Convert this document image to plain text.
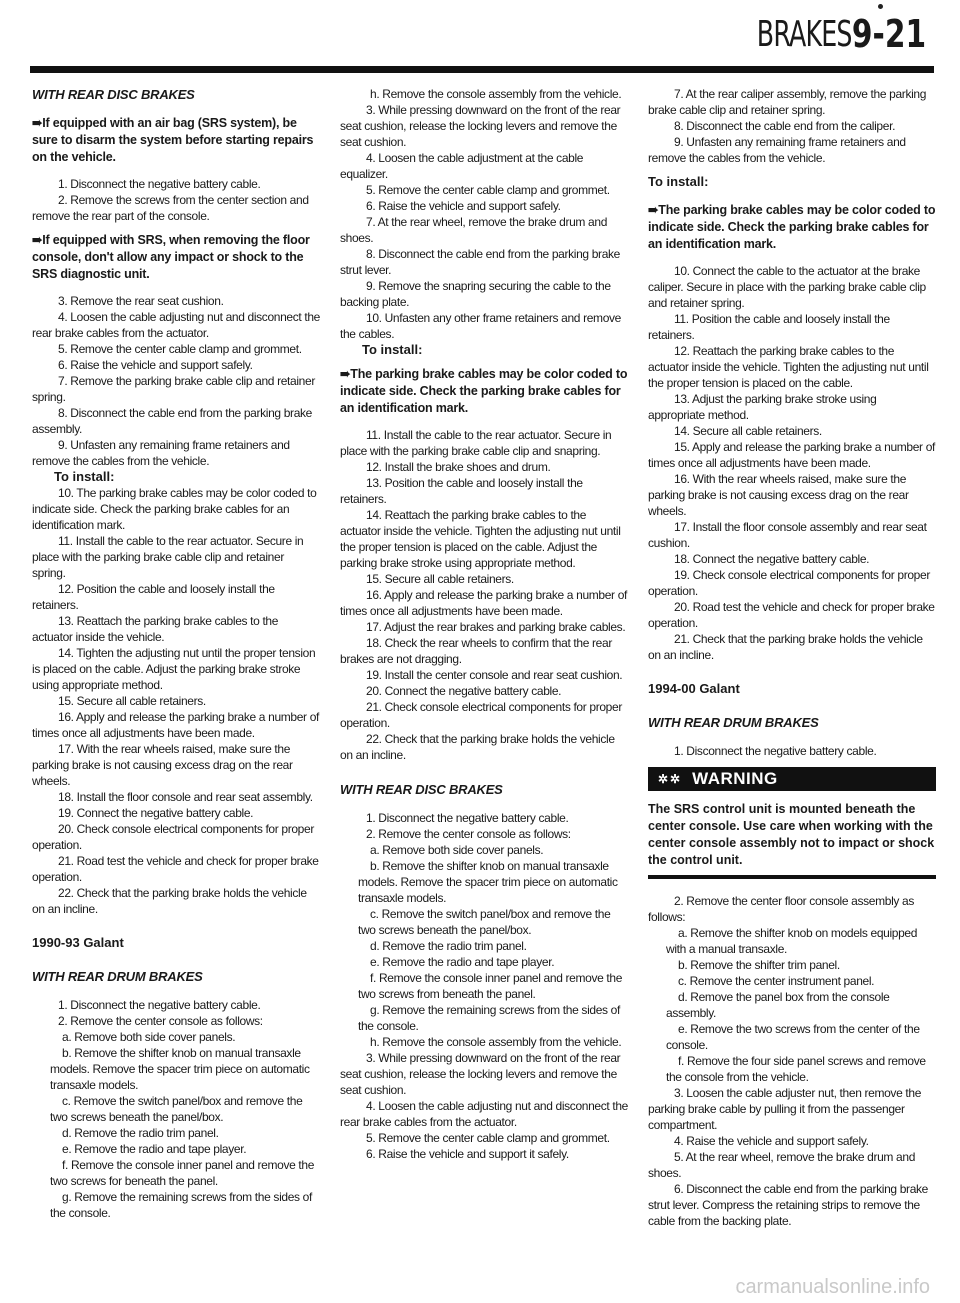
BRAKES 9-21
WITH REAR DISC BRAKES
➠If equipped with an air bag (SRS system), be sure to disarm the system before starting repairs on the vehicle.

1. Disconnect the negative battery cable.

2. Remove the screws from the center section and remove the rear part of the console.

➠If equipped with SRS, when removing the floor console, don't allow any impact or shock to the SRS diagnostic unit.

3. Remove the rear seat cushion.

4. Loosen the cable adjusting nut and disconnect the rear brake cables from the actuator.

5. Remove the center cable clamp and grommet.

6. Raise the vehicle and support safely.

7. Remove the parking brake cable clip and retainer spring.

8. Disconnect the cable end from the parking brake assembly.

9. Unfasten any remaining frame retainers and remove the cables from the vehicle.

To install:

10. The parking brake cables may be color coded to indicate side. Check the parking brake cables for an identification mark.

11. Install the cable to the rear actuator. Secure in place with the parking brake cable clip and retainer spring.

12. Position the cable and loosely install the retainers.

13. Reattach the parking brake cables to the actuator inside the vehicle.

14. Tighten the adjusting nut until the proper tension is placed on the cable. Adjust the parking brake stroke using appropriate method.

15. Secure all cable retainers.

16. Apply and release the parking brake a number of times once all adjustments have been made.

17. With the rear wheels raised, make sure the parking brake is not causing excess drag on the rear wheels.

18. Install the floor console and rear seat assembly.

19. Connect the negative battery cable.

20. Check console electrical components for proper operation.

21. Road test the vehicle and check for proper brake operation.

22. Check that the parking brake holds the vehicle on an incline.

1990-93 Galant
WITH REAR DRUM BRAKES

1. Disconnect the negative battery cable.

2. Remove the center console as follows:

a. Remove both side cover panels.

b. Remove the shifter knob on manual transaxle models. Remove the spacer trim piece on automatic transaxle models.

c. Remove the switch panel/box and remove the two screws beneath the panel/box.

d. Remove the radio trim panel.

e. Remove the radio and tape player.

f. Remove the console inner panel and remove the two screws for beneath the panel.

g. Remove the remaining screws from the sides of the console.

h. Remove the console assembly from the vehicle.

3. While pressing downward on the front of the rear seat cushion, release the locking levers and remove the seat cushion.

4. Loosen the cable adjustment at the cable equalizer.

5. Remove the center cable clamp and grommet.

6. Raise the vehicle and support safely.

7. At the rear wheel, remove the brake drum and shoes.

8. Disconnect the cable end from the parking brake strut lever.

9. Remove the snapring securing the cable to the backing plate.

10. Unfasten any other frame retainers and remove the cables.

To install:
➠The parking brake cables may be color coded to indicate side. Check the parking brake cables for an identification mark.

11. Install the cable to the rear actuator. Secure in place with the parking brake cable clip and snapring.

12. Install the brake shoes and drum.

13. Position the cable and loosely install the retainers.

14. Reattach the parking brake cables to the actuator inside the vehicle. Tighten the adjusting nut until the proper tension is placed on the cable. Adjust the parking brake stroke using appropriate method.

15. Secure all cable retainers.

16. Apply and release the parking brake a number of times once all adjustments have been made.

17. Adjust the rear brakes and parking brake cables.

18. Check the rear wheels to confirm that the rear brakes are not dragging.

19. Install the center console and rear seat cushion.

20. Connect the negative battery cable.

21. Check console electrical components for proper operation.

22. Check that the parking brake holds the vehicle on an incline.

WITH REAR DISC BRAKES

1. Disconnect the negative battery cable.

2. Remove the center console as follows:

a. Remove both side cover panels.

b. Remove the shifter knob on manual transaxle models. Remove the spacer trim piece on automatic transaxle models.

c. Remove the switch panel/box and remove the two screws beneath the panel/box.

d. Remove the radio trim panel.

e. Remove the radio and tape player.

f. Remove the console inner panel and remove the two screws from beneath the panel.

g. Remove the remaining screws from the sides of the console.

h. Remove the console assembly from the vehicle.

3. While pressing downward on the front of the rear seat cushion, release the locking levers and remove the seat cushion.

4. Loosen the cable adjusting nut and disconnect the rear brake cables from the actuator.

5. Remove the center cable clamp and grommet.

6. Raise the vehicle and support it safely.

7. At the rear caliper assembly, remove the parking brake cable clip and retainer spring.

8. Disconnect the cable end from the caliper.

9. Unfasten any remaining frame retainers and remove the cables from the vehicle.

To install:
➠The parking brake cables may be color coded to indicate side. Check the parking brake cables for an identification mark.

10. Connect the cable to the actuator at the brake caliper. Secure in place with the parking brake cable clip and retainer spring.

11. Position the cable and loosely install the retainers.

12. Reattach the parking brake cables to the actuator inside the vehicle. Tighten the adjusting nut until the proper tension is placed on the cable.

13. Adjust the parking brake stroke using appropriate method.

14. Secure all cable retainers.

15. Apply and release the parking brake a number of times once all adjustments have been made.

16. With the rear wheels raised, make sure the parking brake is not causing excess drag on the rear wheels.

17. Install the floor console assembly and rear seat cushion.

18. Connect the negative battery cable.

19. Check console electrical components for proper operation.

20. Road test the vehicle and check for proper brake operation.

21. Check that the parking brake holds the vehicle on an incline.

1994-00 Galant
WITH REAR DRUM BRAKES

1. Disconnect the negative battery cable.

✲✲ WARNING
The SRS control unit is mounted beneath the center console. Use care when working with the center console assembly not to impact or shock the control unit.

2. Remove the center floor console assembly as follows:

a. Remove the shifter knob on models equipped with a manual transaxle.

b. Remove the shifter trim panel.

c. Remove the center instrument panel.

d. Remove the panel box from the console assembly.

e. Remove the two screws from the center of the console.

f. Remove the four side panel screws and remove the console from the vehicle.

3. Loosen the cable adjuster nut, then remove the parking brake cable by pulling it from the passenger compartment.

4. Raise the vehicle and support safely.

5. At the rear wheel, remove the brake drum and shoes.

6. Disconnect the cable end from the parking brake strut lever. Compress the retaining strips to remove the cable from the backing plate.

carmanualsonline.info
